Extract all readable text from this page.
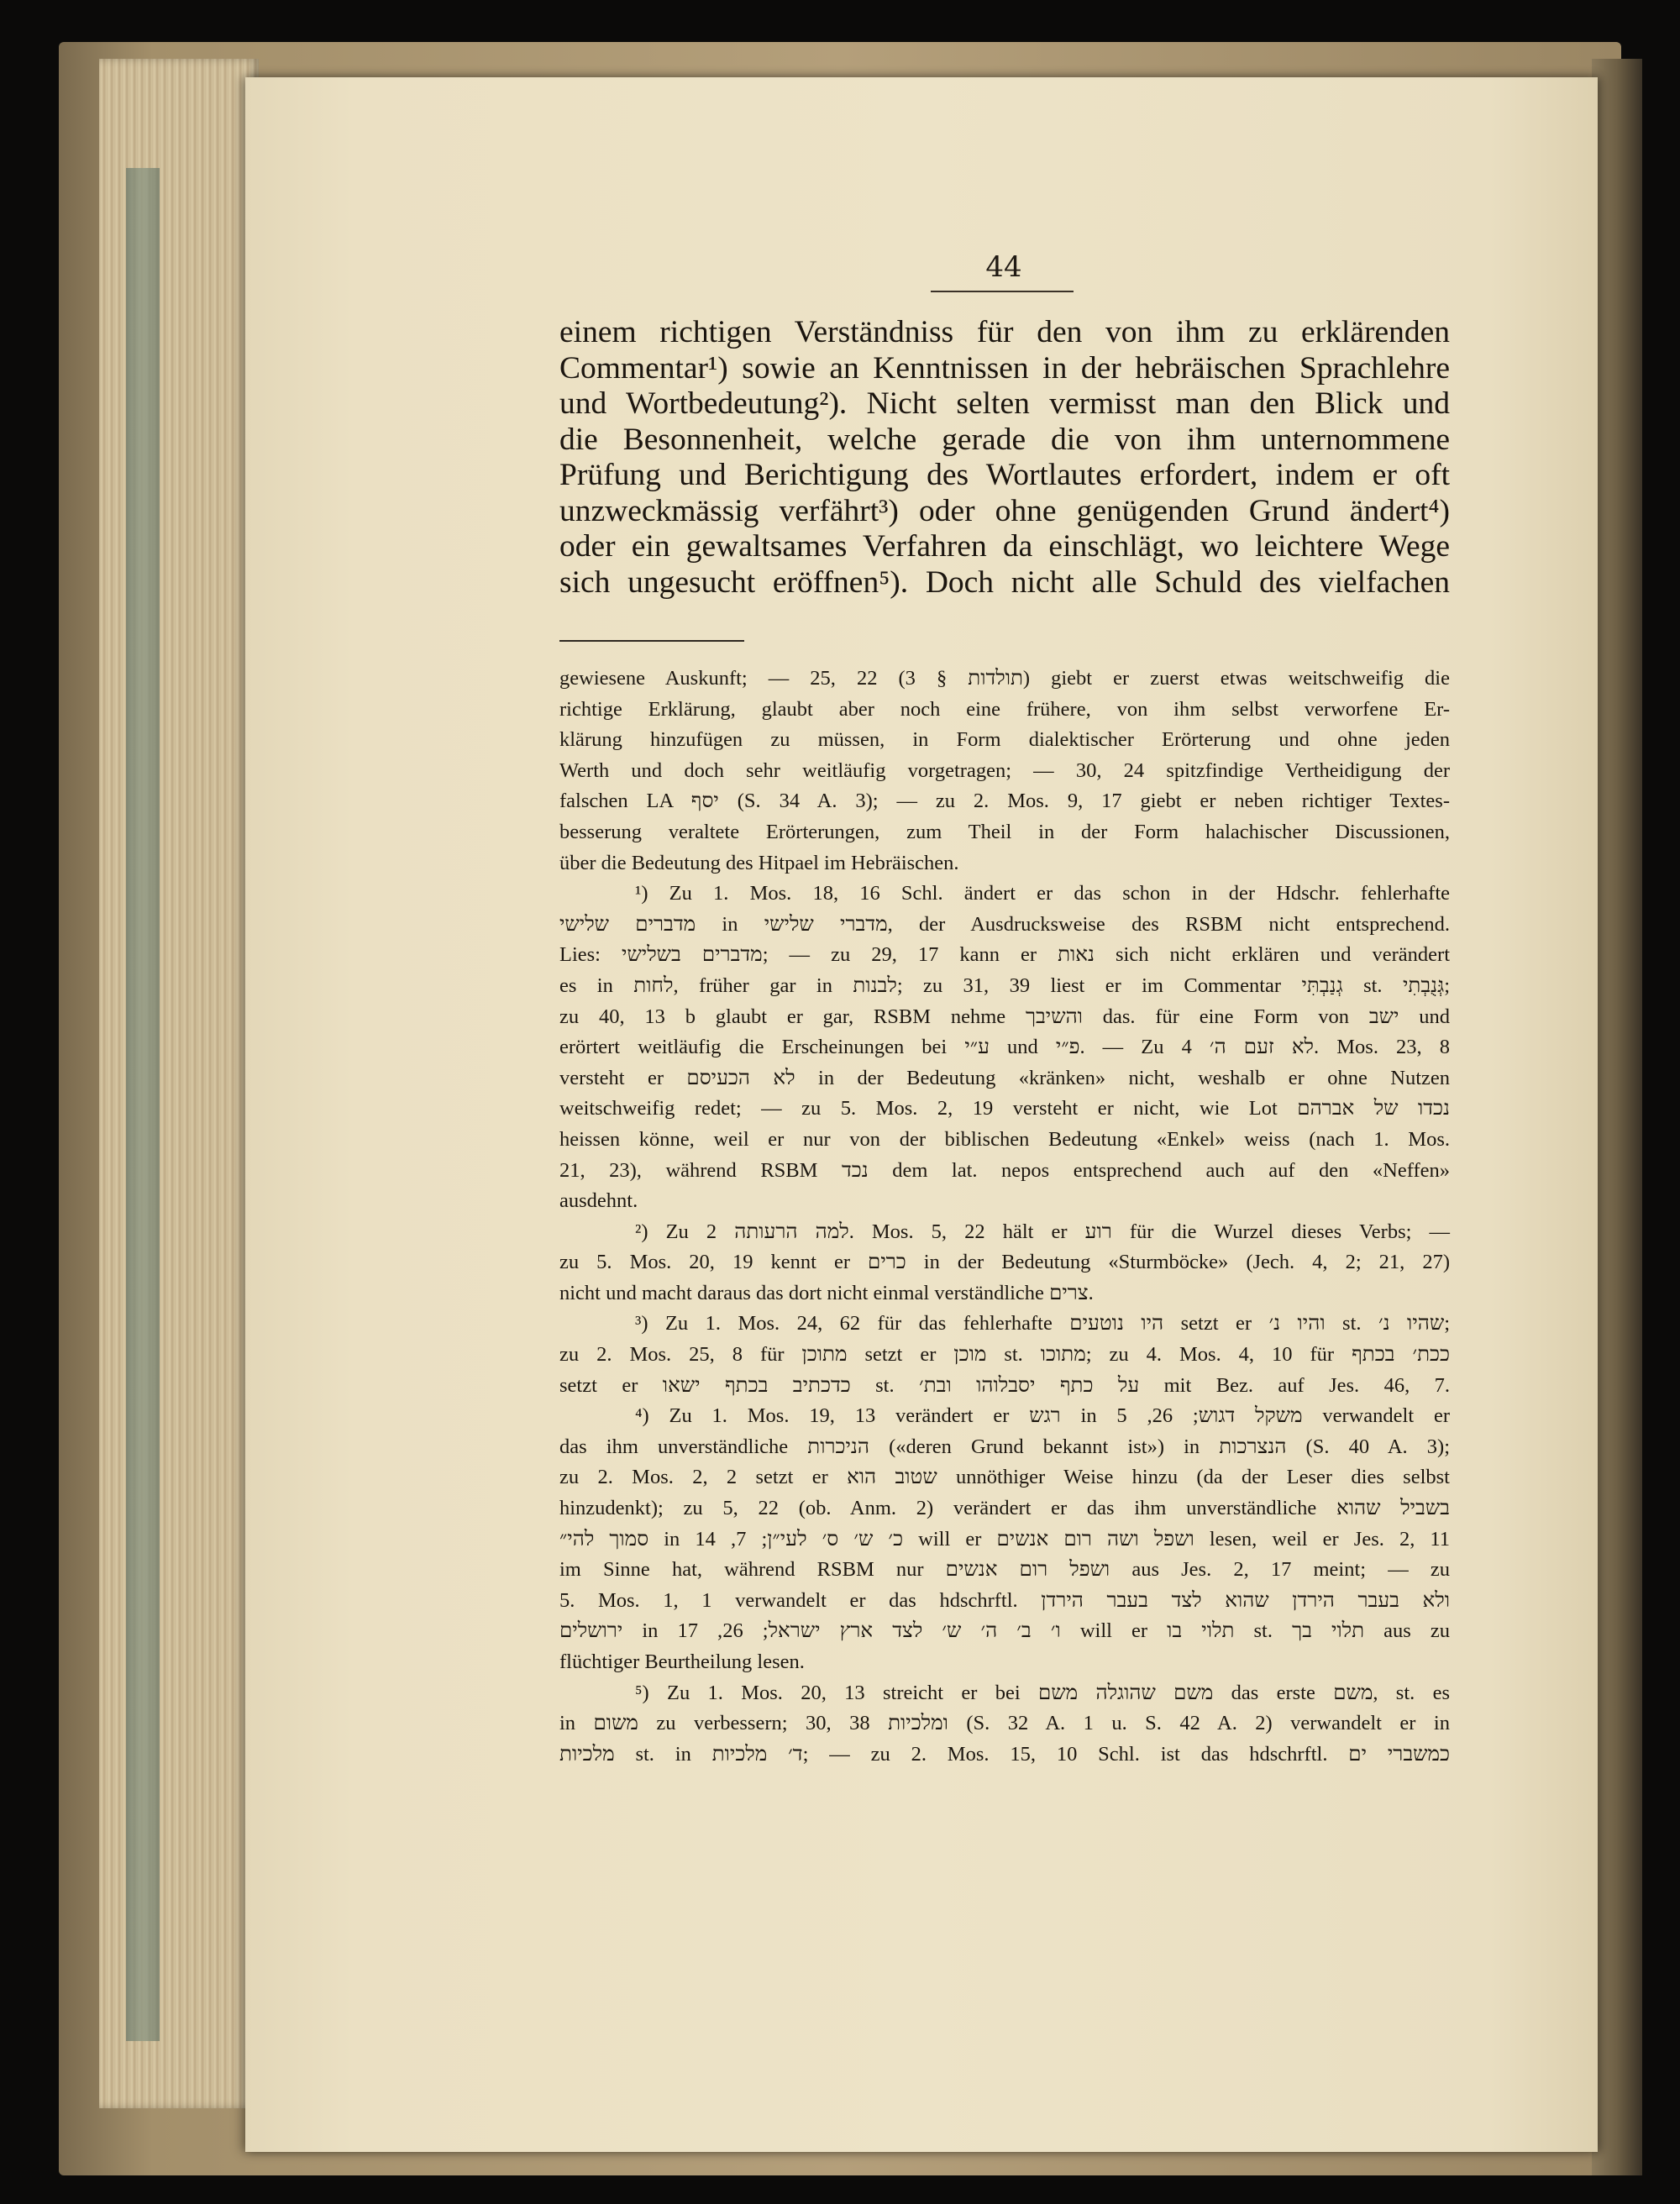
44
einem richtigen Verständniss für den von ihm zu erklärenden
Commentar¹) sowie an Kenntnissen in der hebräischen Sprachlehre
und Wortbedeutung²). Nicht selten vermisst man den Blick und
die Besonnenheit, welche gerade die von ihm unternommene
Prüfung und Berichtigung des Wortlautes erfordert, indem er oft
unzweckmässig verfährt³) oder ohne genügenden Grund ändert⁴)
oder ein gewaltsames Verfahren da einschlägt, wo leichtere Wege
sich ungesucht eröffnen⁵). Doch nicht alle Schuld des vielfachen
gewiesene Auskunft; — 25, 22 (תולדות § 3) giebt er zuerst etwas weitschweifig die
richtige Erklärung, glaubt aber noch eine frühere, von ihm selbst verworfene Er-
klärung hinzufügen zu müssen, in Form dialektischer Erörterung und ohne jeden
Werth und doch sehr weitläufig vorgetragen; — 30, 24 spitzfindige Vertheidigung der
falschen LA יסף (S. 34 A. 3); — zu 2. Mos. 9, 17 giebt er neben richtiger Textes-
besserung veraltete Erörterungen, zum Theil in der Form halachischer Discussionen,
über die Bedeutung des Hitpael im Hebräischen.
¹) Zu 1. Mos. 18, 16 Schl. ändert er das schon in der Hdschr. fehlerhafte
מדברים שלישי in מדברי שלישי, der Ausdrucksweise des RSBM nicht entsprechend.
Lies: מדברים בשלישי; — zu 29, 17 kann er נאות sich nicht erklären und verändert
es in לחות, früher gar in לבנות; zu 31, 39 liest er im Commentar גְנַבְתִּי st. גְּנֻבְתִי;
zu 40, 13 b glaubt er gar, RSBM nehme והשיבך das. für eine Form von ישב und
erörtert weitläufig die Erscheinungen bei ע״י und פ״י. — Zu לא זעם ה׳ 4. Mos. 23, 8
versteht er לא הכעיסם in der Bedeutung «kränken» nicht, weshalb er ohne Nutzen
weitschweifig redet; — zu 5. Mos. 2, 19 versteht er nicht, wie Lot נכדו של אברהם
heissen könne, weil er nur von der biblischen Bedeutung «Enkel» weiss (nach 1. Mos.
21, 23), während RSBM נכד dem lat. nepos entsprechend auch auf den «Neffen»
ausdehnt.
²) Zu למה הרעותה 2. Mos. 5, 22 hält er רוע für die Wurzel dieses Verbs; —
zu 5. Mos. 20, 19 kennt er כרים in der Bedeutung «Sturmböcke» (Jech. 4, 2; 21, 27)
nicht und macht daraus das dort nicht einmal verständliche צרים.
³) Zu 1. Mos. 24, 62 für das fehlerhafte היו נוטעים setzt er והיו נ׳ st. שהיו נ׳;
zu 2. Mos. 25, 8 für מתוכן setzt er מוכן st. מתוכו; zu 4. Mos. 4, 10 für ככת׳ בכתף
setzt er כדכתיב בכתף ישאו st. על כתף יסבלוהו ובת׳ mit Bez. auf Jes. 46, 7.
⁴) Zu 1. Mos. 19, 13 verändert er רגש in משקל דגוש; 26, 5 verwandelt er
das ihm unverständliche הניכרות («deren Grund bekannt ist») in הנצרכות (S. 40 A. 3);
zu 2. Mos. 2, 2 setzt er שטוב הוא unnöthiger Weise hinzu (da der Leser dies selbst
hinzudenkt); zu 5, 22 (ob. Anm. 2) verändert er das ihm unverständliche בשביל שהוא
סמוך להי״ in כ׳ ש׳ ס׳ לעי״ן; 7, 14 will er ושפל ושה רום אנשים lesen, weil er Jes. 2, 11
im Sinne hat, während RSBM nur ושפל רום אנשים aus Jes. 2, 17 meint; — zu
5. Mos. 1, 1 verwandelt er das hdschrftl. ולא בעבר הירדן שהוא לצד בעבר הירדן
ירושלים in ו׳ ב׳ ה׳ ש׳ לצד ארץ ישראל; 26, 17 will er תלוי בו st. תלוי בך aus zu
flüchtiger Beurtheilung lesen.
⁵) Zu 1. Mos. 20, 13 streicht er bei משם שהוגלה משם das erste משם, st. es
in משום zu verbessern; 30, 38 ומלכיות (S. 32 A. 1 u. S. 42 A. 2) verwandelt er in
מלכיות st. in ד׳ מלכיות; — zu 2. Mos. 15, 10 Schl. ist das hdschrftl. כמשברי ים
